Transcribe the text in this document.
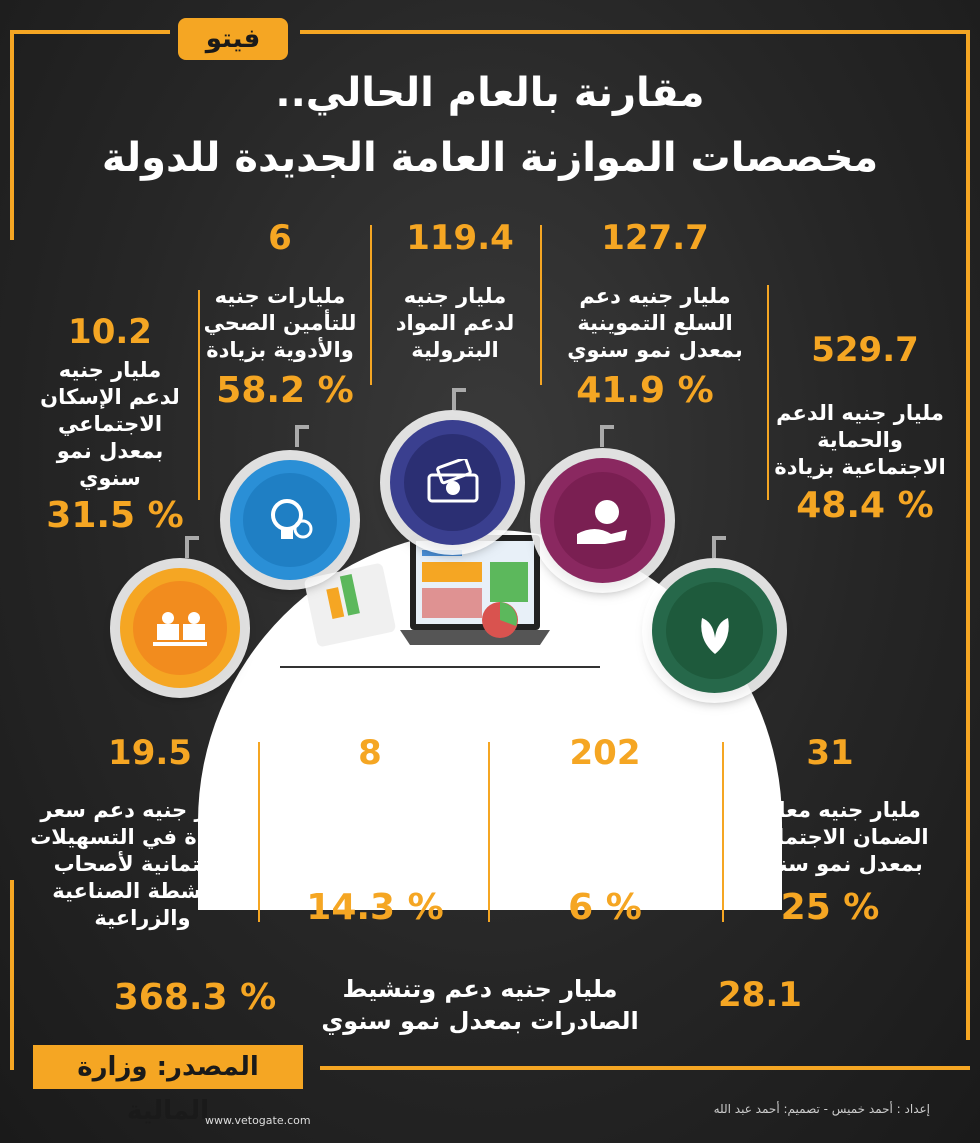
فيتو
مقارنة بالعام الحالي..
مخصصات الموازنة العامة الجديدة للدولة
127.7
مليار جنيه دعم السلع التموينية بمعدل نمو سنوي
% 41.9
119.4
مليار جنيه لدعم المواد البترولية
6
مليارات جنيه للتأمين الصحي والأدوية بزيادة
% 58.2
10.2
مليار جنيه لدعم الإسكان الاجتماعي بمعدل نمو سنوي
% 31.5
529.7
مليار جنيه الدعم والحماية الاجتماعية بزيادة
% 48.4
31
مليار جنيه معاش الضمان الاجتماعي بمعدل نمو سنوي
% 25
202
مليار جنيه مساهمات صناديق المعاشات بمعدل نمو سنوي
% 6
8
مليارات جنيه لعلاج المواطنين على نفقة الدولة بمعدل نمو
% 14.3
19.5
مليار جنيه دعم سعر الفائدة في التسهيلات الائتمانية لأصحاب الأنشطة الصناعية والزراعية
28.1
مليار جنيه دعم وتنشيط الصادرات بمعدل نمو سنوي
% 368.3
المصدر: وزارة المالية
www.vetogate.com
إعداد : أحمد خميس - تصميم: أحمد عبد الله
